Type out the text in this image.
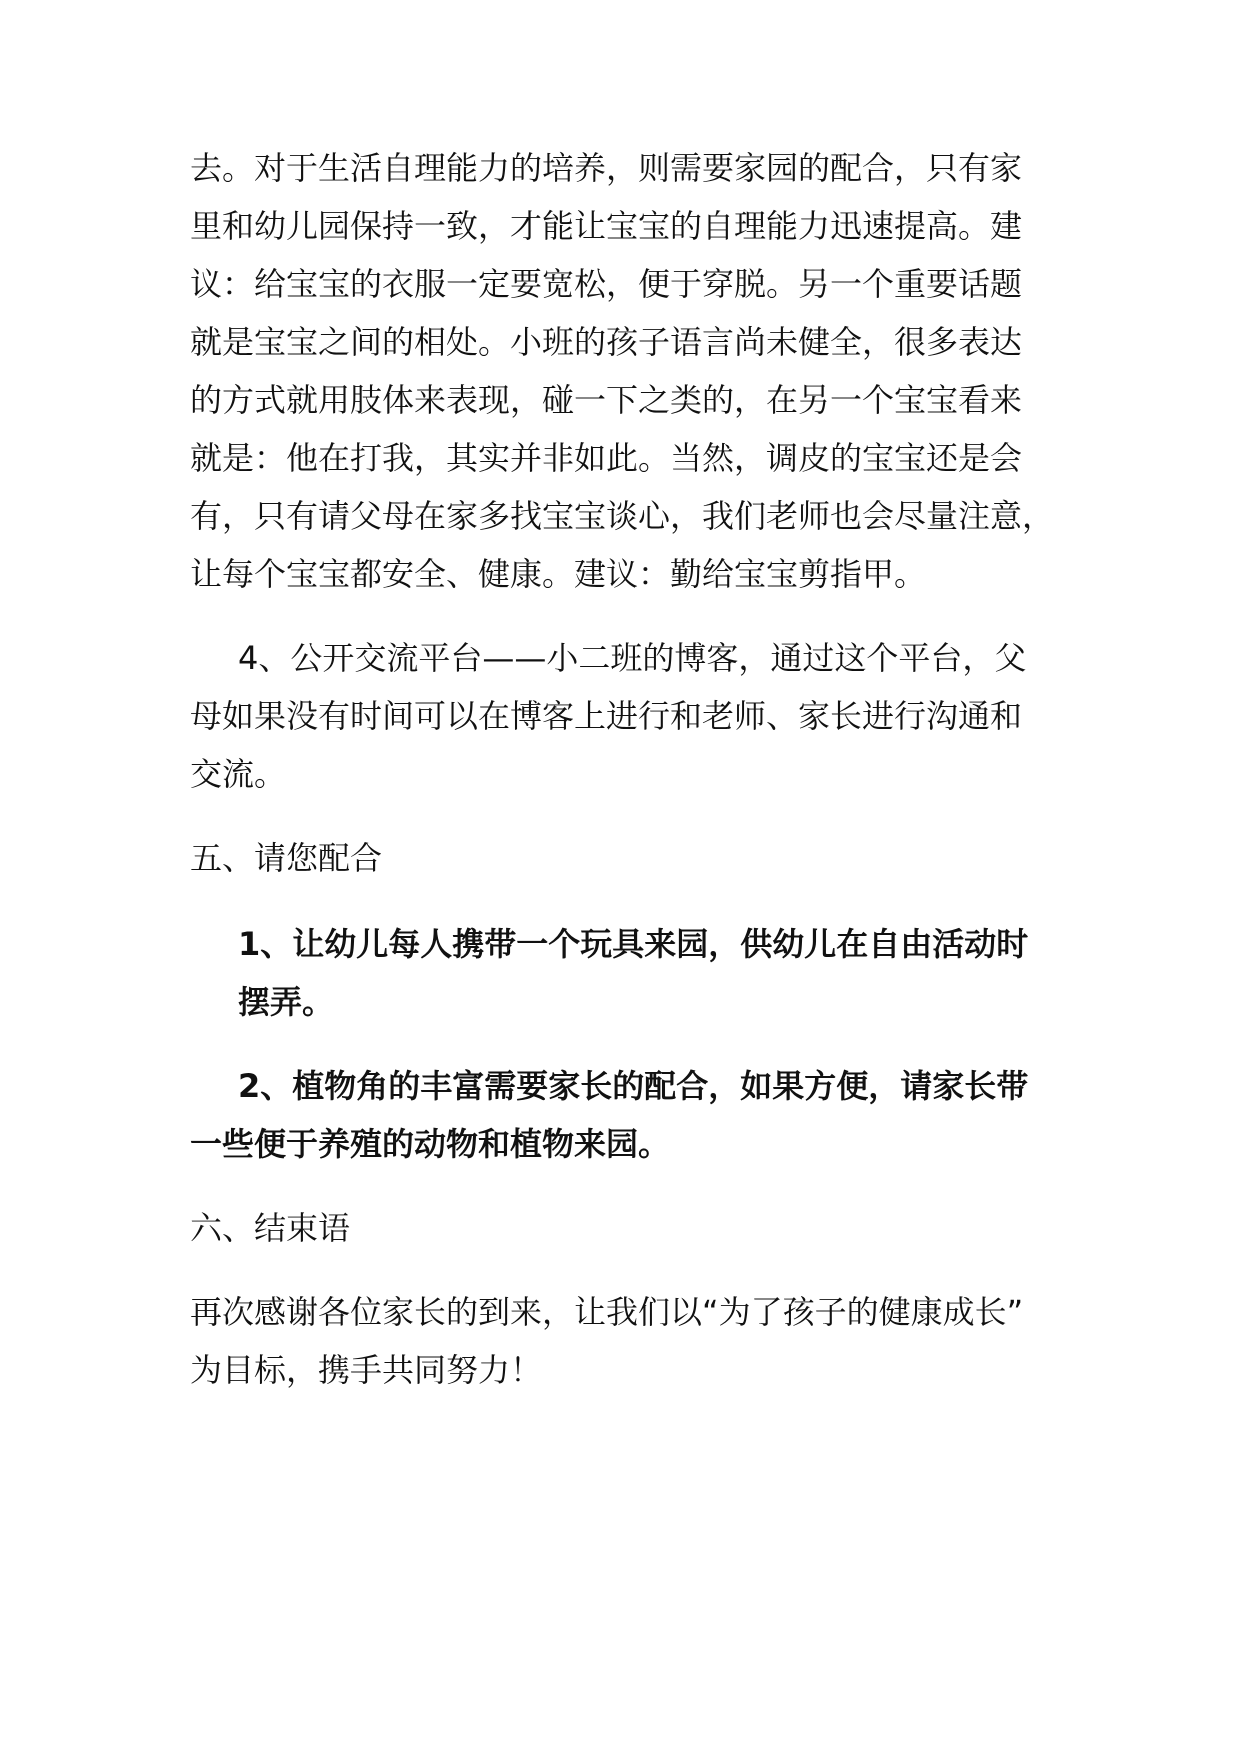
去。对于生活自理能力的培养，则需要家园的配合，只有家
里和幼儿园保持一致，才能让宝宝的自理能力迅速提高。建
议：给宝宝的衣服一定要宽松，便于穿脱。另一个重要话题
就是宝宝之间的相处。小班的孩子语言尚未健全，很多表达
的方式就用肢体来表现，碰一下之类的，在另一个宝宝看来
就是：他在打我，其实并非如此。当然，调皮的宝宝还是会
有，只有请父母在家多找宝宝谈心，我们老师也会尽量注意，
让每个宝宝都安全、健康。建议：勤给宝宝剪指甲。
4、公开交流平台——小二班的博客，通过这个平台，父
母如果没有时间可以在博客上进行和老师、家长进行沟通和
交流。
五、请您配合
1、让幼儿每人携带一个玩具来园，供幼儿在自由活动时
摆弄。
2、植物角的丰富需要家长的配合，如果方便，请家长带
一些便于养殖的动物和植物来园。
六、结束语
再次感谢各位家长的到来，让我们以“为了孩子的健康成长”
为目标，携手共同努力！
